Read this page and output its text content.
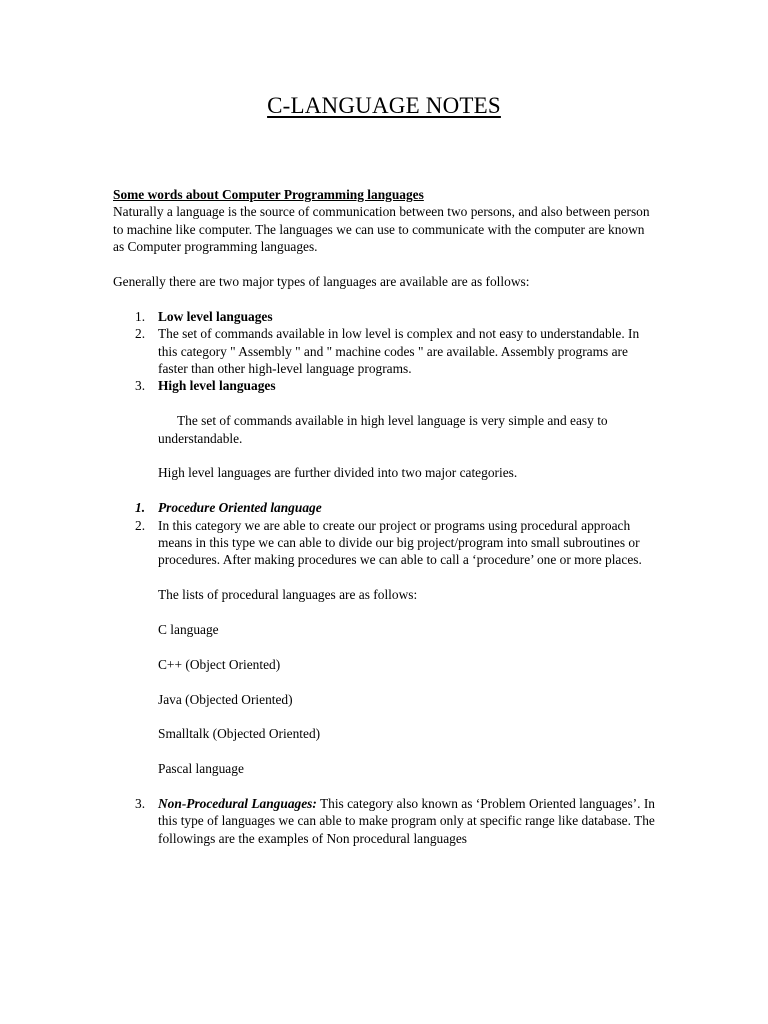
C-LANGUAGE NOTES

Some words about Computer Programming languages

Naturally a language is the source of communication between two persons, and also between person to machine like computer. The languages we can use to communicate with the computer are known as Computer programming languages.

Generally there are two major types of languages are available are as follows:

1. Low level languages
2. The set of commands available in low level is complex and not easy to understandable. In this category " Assembly " and " machine codes " are available. Assembly programs are faster than other high-level language programs.
3. High level languages

The set of commands available in high level language is very simple and easy to understandable.

High level languages are further divided into two major categories.

1. Procedure Oriented language
2. In this category we are able to create our project or programs using procedural approach means in this type we can able to divide our big project/program into small subroutines or procedures. After making procedures we can able to call a ‘procedure’ one or more places.

The lists of procedural languages are as follows:

C language

C++ (Object Oriented)

Java (Objected Oriented)

Smalltalk (Objected Oriented)

Pascal language

3. Non-Procedural Languages: This category also known as ‘Problem Oriented languages’. In this type of languages we can able to make program only at specific range like database. The followings are the examples of Non procedural languages
